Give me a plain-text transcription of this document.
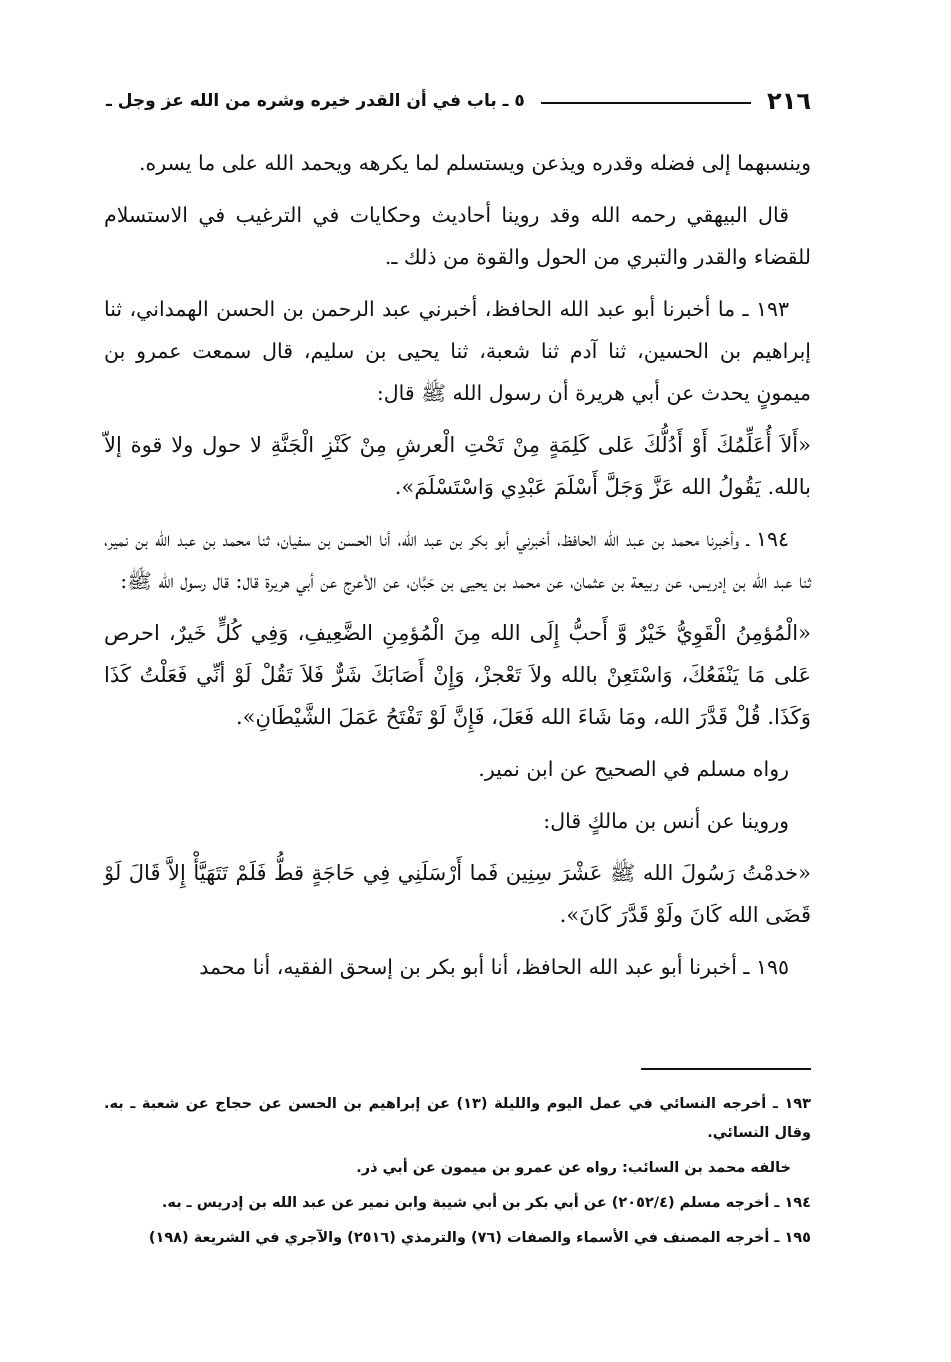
٢١٦
٥ ـ باب في أن القدر خيره وشره من الله عز وجل ـ

وينسبهما إلى فضله وقدره ويذعن ويستسلم لما يكرهه ويحمد الله على ما يسره.

قال البيهقي رحمه الله وقد روينا أحاديث وحكايات في الترغيب في الاستسلام للقضاء والقدر والتبري من الحول والقوة من ذلك ـ.

١٩٣ ـ ما أخبرنا أبو عبد الله الحافظ، أخبرني عبد الرحمن بن الحسن الهمداني، ثنا إبراهيم بن الحسين، ثنا آدم ثنا شعبة، ثنا يحيى بن سليم، قال سمعت عمرو بن ميمونٍ يحدث عن أبي هريرة أن رسول الله ﷺ قال:

«أَلاَ أُعَلِّمُكَ أَوْ أَدُلُّكَ عَلى كَلِمَةٍ مِنْ تَحْتِ الْعرشِ مِنْ كَنْزِ الْجَنَّةِ لا حول ولا قوة إلاّ بالله. يَقُولُ الله عَزَّ وَجَلَّ أَسْلَمَ عَبْدِي وَاسْتَسْلَمَ».

١٩٤ ـ وأخبرنا محمد بن عبد الله الحافظ، أخبرني أبو بكر بن عبد الله، أنا الحسن بن سفيان، ثنا محمد بن عبد الله بن نمير، ثنا عبد الله بن إدريس، عن ربيعة بن عثمان، عن محمد بن يحيى بن حَبَّان، عن الأعرج عن أبي هريرة قال: قال رسول الله ﷺ:

«الْمُؤمِنُ الْقَوِيُّ خَيْرٌ وَّ أَحبُّ إِلَى الله مِنَ الْمُؤمِنِ الضَّعِيفِ، وَفِي كُلٍّ خَيرٌ، احرص عَلى مَا يَنْفَعُكَ، وَاسْتَعِنْ بالله ولاَ تَعْجزْ، وَإِنْ أَصَابَكَ شَرٌّ فَلاَ تَقُلْ لَوْ أنِّي فَعَلْتُ كَذَا وَكَذَا. قُلْ قَدَّرَ الله، ومَا شَاءَ الله فَعَلَ، فَإِنَّ لَوْ تَفْتَحُ عَمَلَ الشَّيْطَانِ».

رواه مسلم في الصحيح عن ابن نمير.

وروينا عن أنس بن مالكٍ قال:

«خدمْتُ رَسُولَ الله ﷺ عَشْرَ سِنِين فَما أَرْسَلَنِي فِي حَاجَةٍ قطُّ فَلَمْ تَتَهَيَّأْ إِلاَّ قَالَ لَوْ قَضَى الله كَانَ ولَوْ قَدَّرَ كَانَ».

١٩٥ ـ أخبرنا أبو عبد الله الحافظ، أنا أبو بكر بن إسحق الفقيه، أنا محمد

١٩٣ ـ أخرجه النسائي في عمل اليوم والليلة (١٣) عن إبراهيم بن الحسن عن حجاج عن شعبة ـ به. وقال النسائي.

خالفه محمد بن السائب: رواه عن عمرو بن ميمون عن أبي ذر.

١٩٤ ـ أخرجه مسلم (٢٠٥٢/٤) عن أبي بكر بن أبي شيبة وابن نمير عن عبد الله بن إدريس ـ به.

١٩٥ ـ أخرجه المصنف في الأسماء والصفات (٧٦) والترمذي (٢٥١٦) والآجري في الشريعة (١٩٨)
